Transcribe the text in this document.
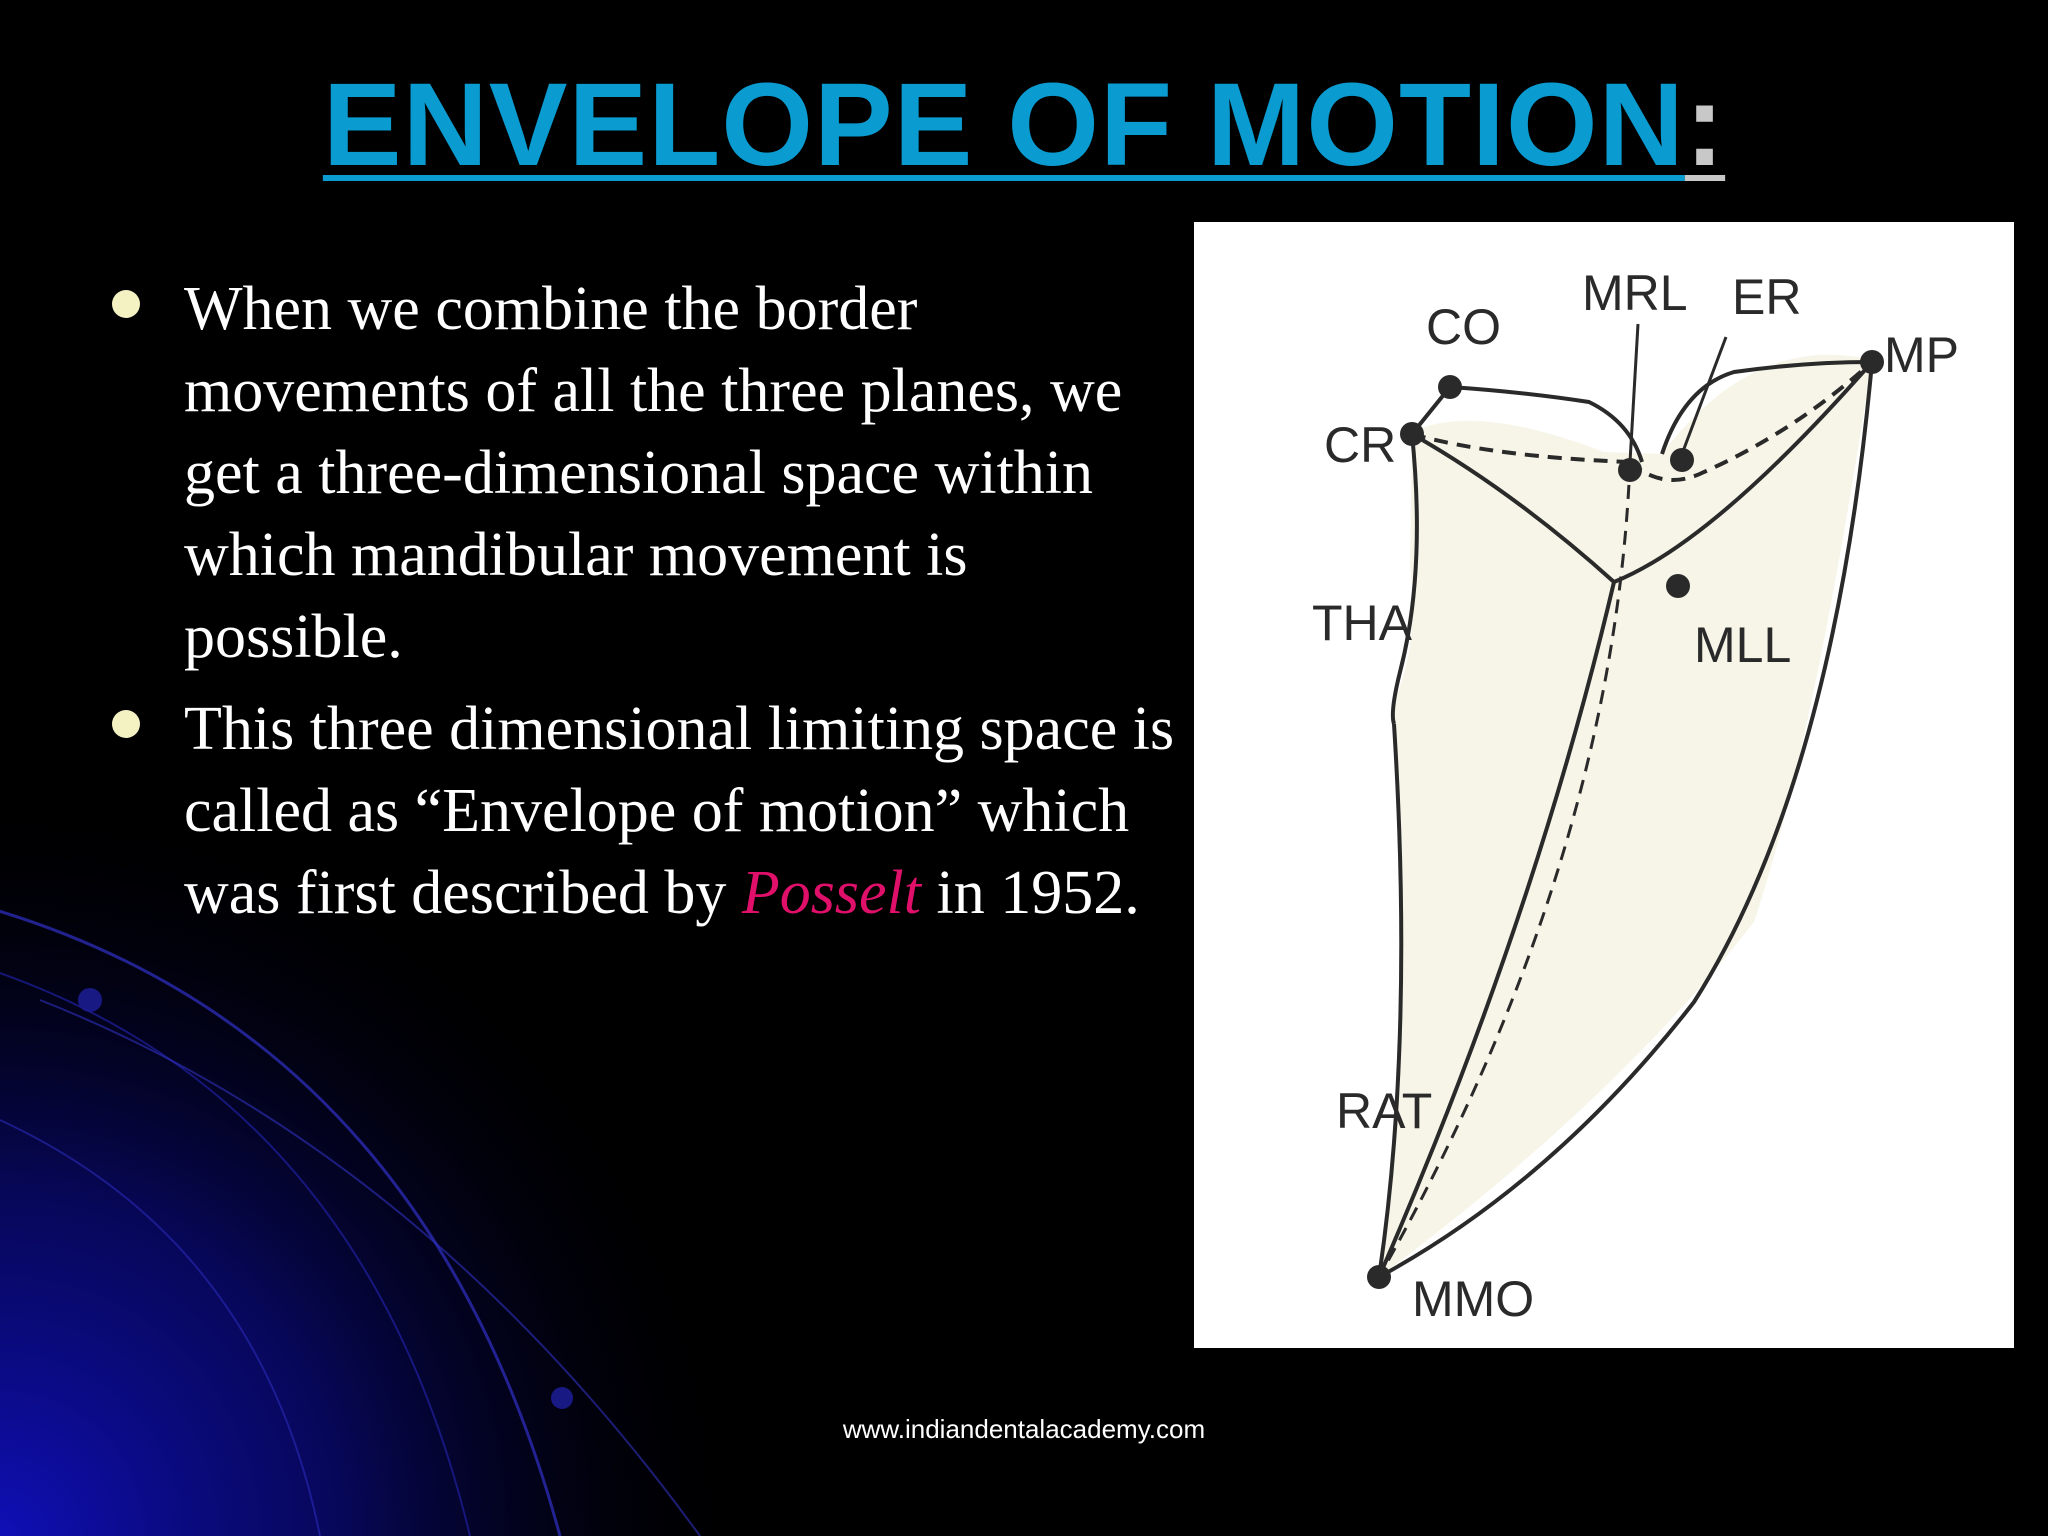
ENVELOPE OF MOTION:
When we combine the border movements of all the three planes, we get a three-dimensional space within which mandibular movement is possible.
This three dimensional limiting space is called as “Envelope of motion” which was first described by Posselt in 1952.
CO
MRL ER
MP
CR
THA	MLL
RAT
MMO
www.indiandentalacademy.com
